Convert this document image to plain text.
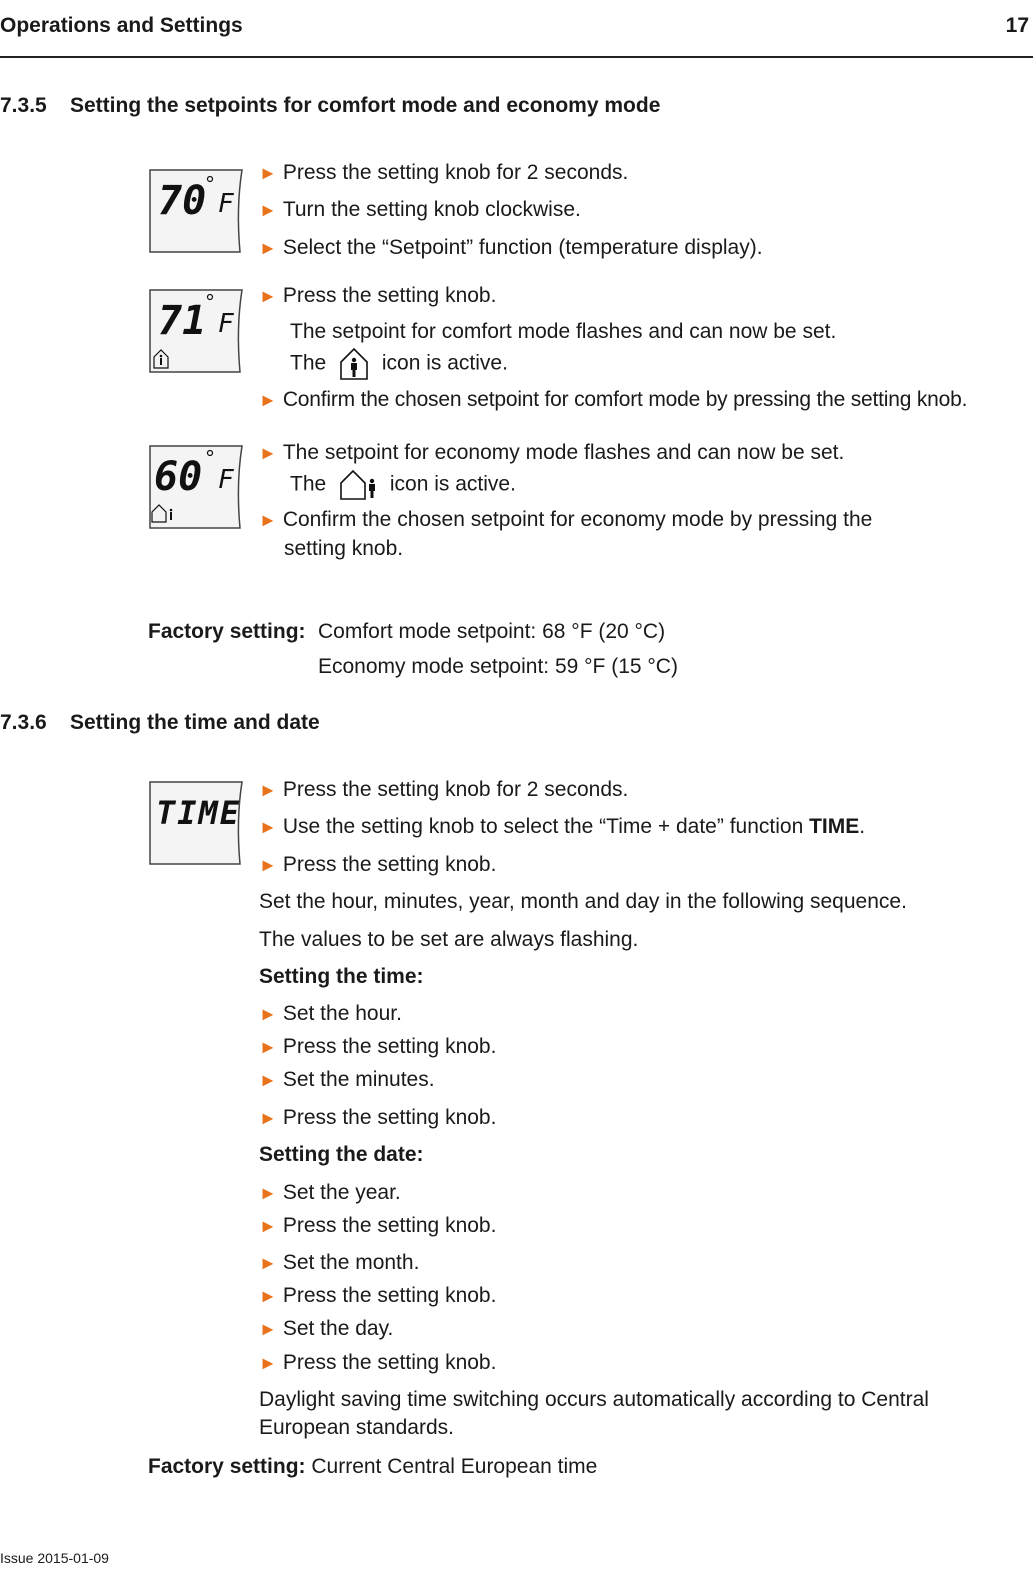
Operations and Settings	17
7.3.5 Setting the setpoints for comfort mode and economy mode
70 F
► Press the setting knob for 2 seconds.
► Turn the setting knob clockwise.
► Select the “Setpoint” function (temperature display).
71 F
► Press the setting knob.
The setpoint for comfort mode flashes and can now be set.
The	icon is active.
► Confirm the chosen setpoint for comfort mode by pressing the setting knob.
60 F
► The setpoint for economy mode flashes and can now be set.
The	icon is active.
► Confirm the chosen setpoint for economy mode by pressing the
setting knob.
Factory setting: Comfort mode setpoint: 68 °F (20 °C)
Economy mode setpoint: 59 °F (15 °C)
7.3.6 Setting the time and date
TIME
► Press the setting knob for 2 seconds.
► Use the setting knob to select the “Time + date” function TIME.
► Press the setting knob.
Set the hour, minutes, year, month and day in the following sequence.
The values to be set are always flashing.
Setting the time:
► Set the hour.
► Press the setting knob.
► Set the minutes.
► Press the setting knob.
Setting the date:
► Set the year.
► Press the setting knob.
► Set the month.
► Press the setting knob.
► Set the day.
► Press the setting knob.
Daylight saving time switching occurs automatically according to Central
European standards.
Factory setting: Current Central European time
Issue 2015-01-09
